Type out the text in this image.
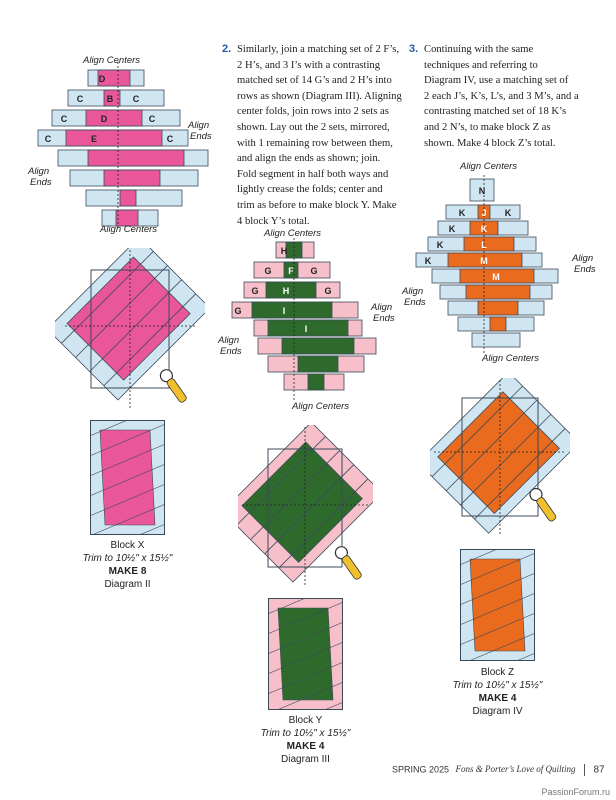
2. Similarly, join a matching set of 2 F’s,
2 H’s, and 3 I’s with a contrasting
matched set of 14 G’s and 2 H’s into
rows as shown (Diagram III). Aligning
center folds, join rows into 2 sets as
shown. Lay out the 2 sets, mirrored,
with 1 remaining row between them,
and align the ends as shown; join.
Fold segment in half both ways and
lightly crease the folds; center and
trim as before to make block Y. Make
4 block Y’s total.
3. Continuing with the same
techniques and referring to
Diagram IV, use a matching set of
2 each J’s, K’s, L’s, and 3 M’s, and a
contrasting matched set of 18 K’s
and 2 N’s, to make block Z as
shown. Make 4 block Z’s total.
D
C	B C
C	D	C
C	E	C
Align Centers
Align Centers
Align
Ends
Align
Ends
Block X
Trim to 10½" x 15½"
MAKE 8
Diagram II
H
G F G
G	H	G
G	I
I
Align Centers
Align Centers
Align
Ends
Align
Ends
Block Y
Trim to 10½" x 15½"
MAKE 4
Diagram III
N
K J K
K	K
K	L
K	M
M
Align Centers
Align Centers
Align
Ends
Align
Ends
Block Z
Trim to 10½" x 15½"
MAKE 4
Diagram IV
SPRING 2025 Fons & Porter’s Love of Quilting 87
PassionForum.ru
